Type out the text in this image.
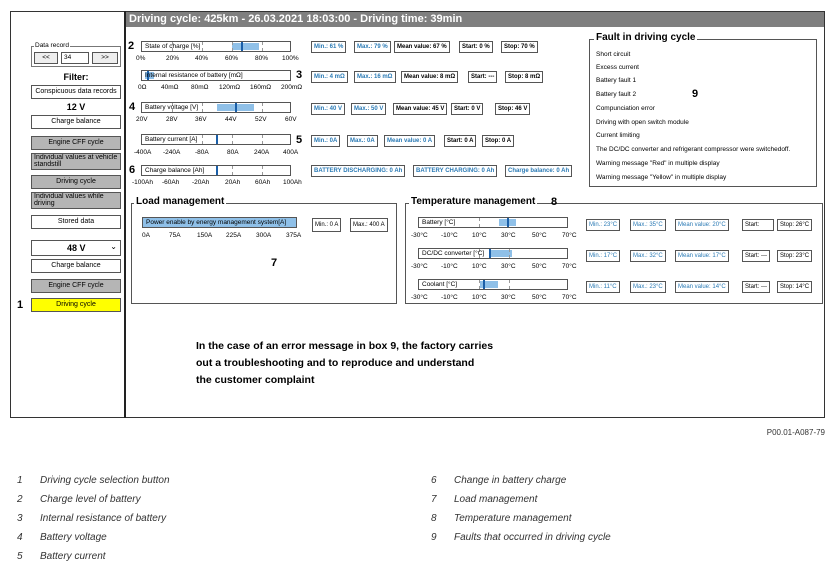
Driving cycle: 425km - 26.03.2021 18:03:00 - Driving time: 39min
Data record
<<	34	>>
Filter:
Conspicuous data records
12 V
Charge balance
Engine CFF cycle
Individual values at vehicle standstill
Driving cycle
Individual values while driving
Stored data
48 V	⌄
Charge balance
Engine CFF cycle
Driving cycle
1
2 State of charge [%]
0%	20% 40%	60%	80% 100%
Min.: 61 %	Max.: 79 %	Mean value: 67 %	Start: 0 %	Stop: 70 %
3
Internal resistance of battery [mΩ]
0Ω 40mΩ 80mΩ 120mΩ 160mΩ 200mΩ
Min.: 4 mΩ	Max.: 16 mΩ	Mean value: 8 mΩ	Start: ---	Stop: 8 mΩ
4 Battery voltage [V]
20V	28V	36V	44V	52V	60V
Min.: 40 V	Max.: 50 V	Mean value: 45 V	Start: 0 V	Stop: 46 V
5
Battery current [A]
-400A -240A -80A	80A 240A 400A
Min.: 0A	Max.: 0A	Mean value: 0 A	Start: 0 A	Stop: 0 A
6 Charge balance [Ah]
-100Ah -60Ah -20Ah 20Ah 60Ah 100Ah
BATTERY DISCHARGING: 0 Ah	BATTERY CHARGING: 0 Ah	Charge balance: 0 Ah
Fault in driving cycle
Short circuit
Excess current
Battery fault 1
Battery fault 2
Compunciation error
Driving with open switch module
Current limiting
The DC/DC converter and refrigerant compressor were switchedoff.
Warning message "Red" in multiple display
Warning message "Yellow" in multiple display
9
Load management
Power enable by energy management system[A]
0A	75A	150A 225A 300A 375A
Min.: 0 A	Max.: 400 A
7
Temperature management 8
Battery [°C]
-30°C -10°C 10°C 30°C	50°C 70°C
Min.: 23°C	Max.: 35°C	Mean value: 20°C	Start:	Stop: 26°C
DC/DC converter [°C]
-30°C -10°C 10°C 30°C	50°C 70°C
Min.: 17°C	Max.: 32°C	Mean value: 17°C	Start: ---	Stop: 23°C
Coolant [°C]
-30°C -10°C 10°C 30°C	50°C 70°C
Min.: 11°C	Max.: 23°C	Mean value: 14°C	Start: ---	Stop: 14°C
In the case of an error message in box 9, the factory carries
out a troubleshooting and to reproduce and understand
the customer complaint
P00.01-A087-79
1 Driving cycle selection button
2 Charge level of battery
3 Internal resistance of battery
4 Battery voltage
5 Battery current
6 Change in battery charge
7 Load management
8 Temperature management
9 Faults that occurred in driving cycle
